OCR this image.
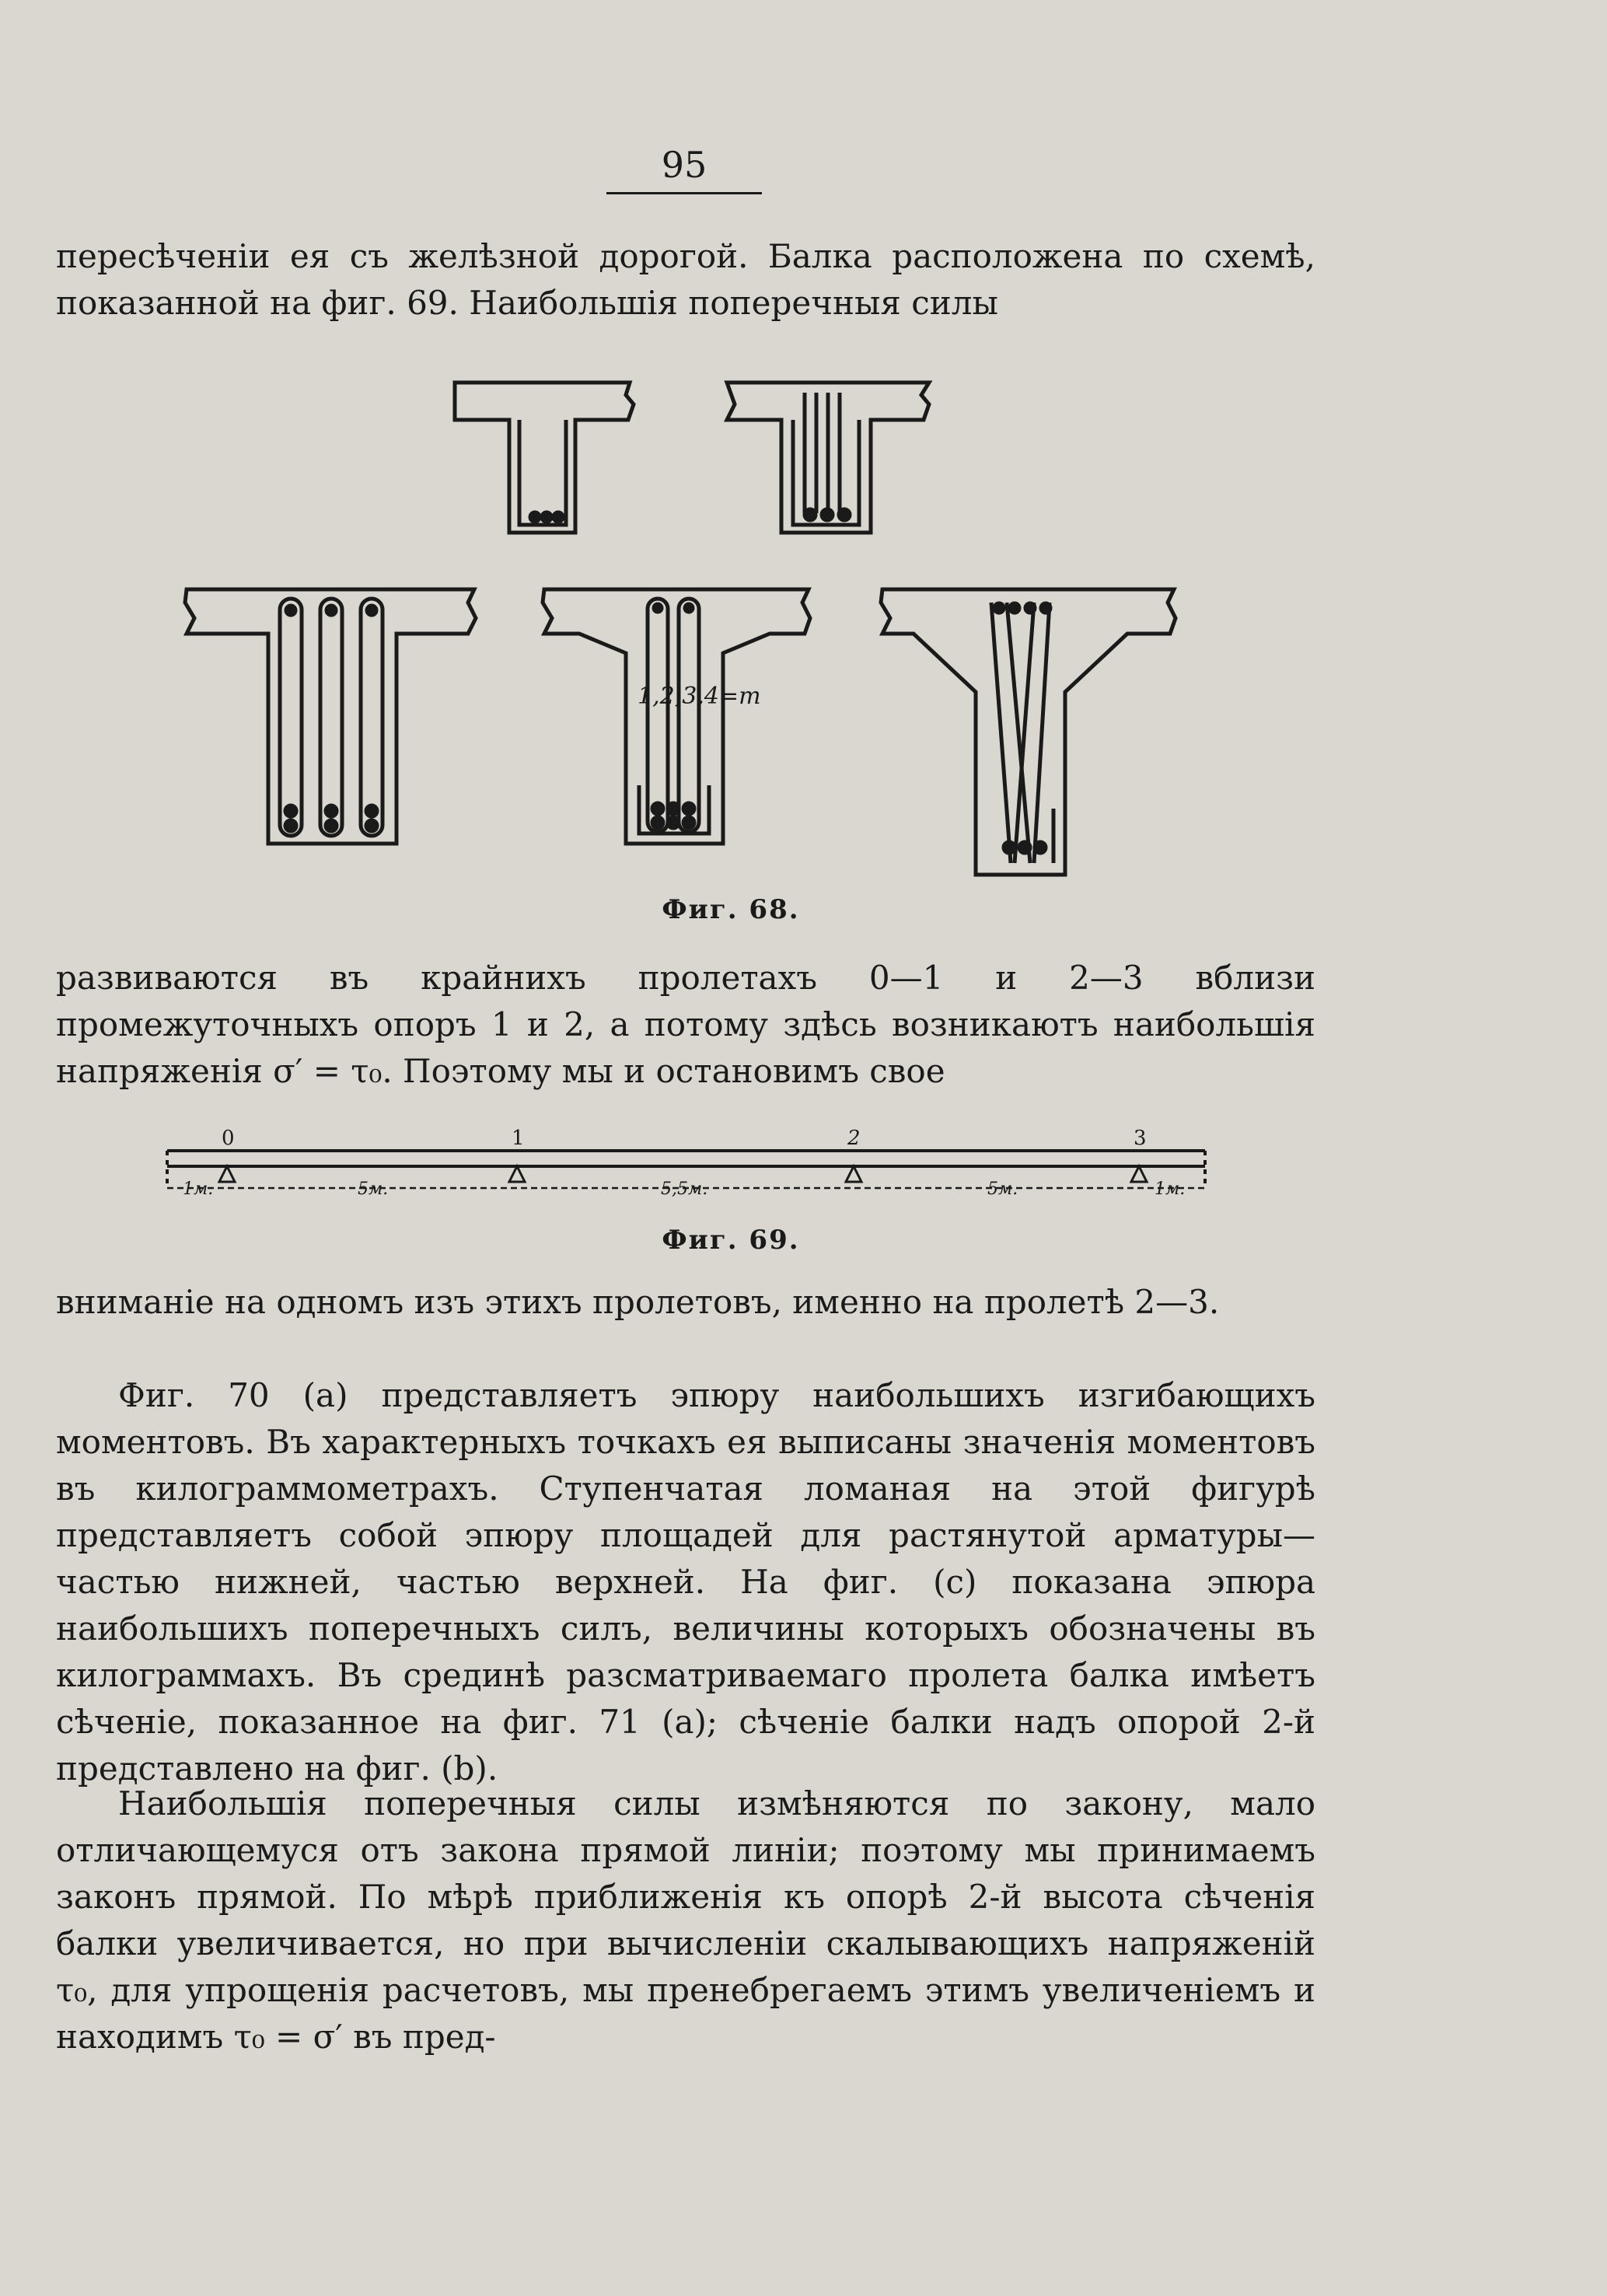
95

пересѣченіи ея съ желѣзной дорогой. Балка расположена по схемѣ, показанной на фиг. 69. Наибольшія поперечныя силы

1,2,3,4=m
Фиг. 68.

развиваются въ крайнихъ пролетахъ 0—1 и 2—3 вблизи промежуточныхъ опоръ 1 и 2, а потому здѣсь возникаютъ наибольшія напряженія σ′ = τ₀. Поэтому мы и остановимъ свое

0	1	2	3
1м.	5м.	5,5м.	5м.	1м.
Фиг. 69.

вниманіе на одномъ изъ этихъ пролетовъ, именно на пролетѣ 2—3.

Фиг. 70 (a) представляетъ эпюру наибольшихъ изгибающихъ моментовъ. Въ характерныхъ точкахъ ея выписаны значенія моментовъ въ килограммометрахъ. Ступенчатая ломаная на этой фигурѣ представляетъ собой эпюру площадей для растянутой арматуры—частью нижней, частью верхней. На фиг. (c) показана эпюра наибольшихъ поперечныхъ силъ, величины которыхъ обозначены въ килограммахъ. Въ срединѣ разсматриваемаго пролета балка имѣетъ сѣченіе, показанное на фиг. 71 (a); сѣченіе балки надъ опорой 2-й представлено на фиг. (b).

Наибольшія поперечныя силы измѣняются по закону, мало отличающемуся отъ закона прямой линіи; поэтому мы принимаемъ законъ прямой. По мѣрѣ приближенія къ опорѣ 2-й высота сѣченія балки увеличивается, но при вычисленіи скалывающихъ напряженій τ₀, для упрощенія расчетовъ, мы пренебрегаемъ этимъ увеличеніемъ и находимъ τ₀ = σ′ въ пред-
